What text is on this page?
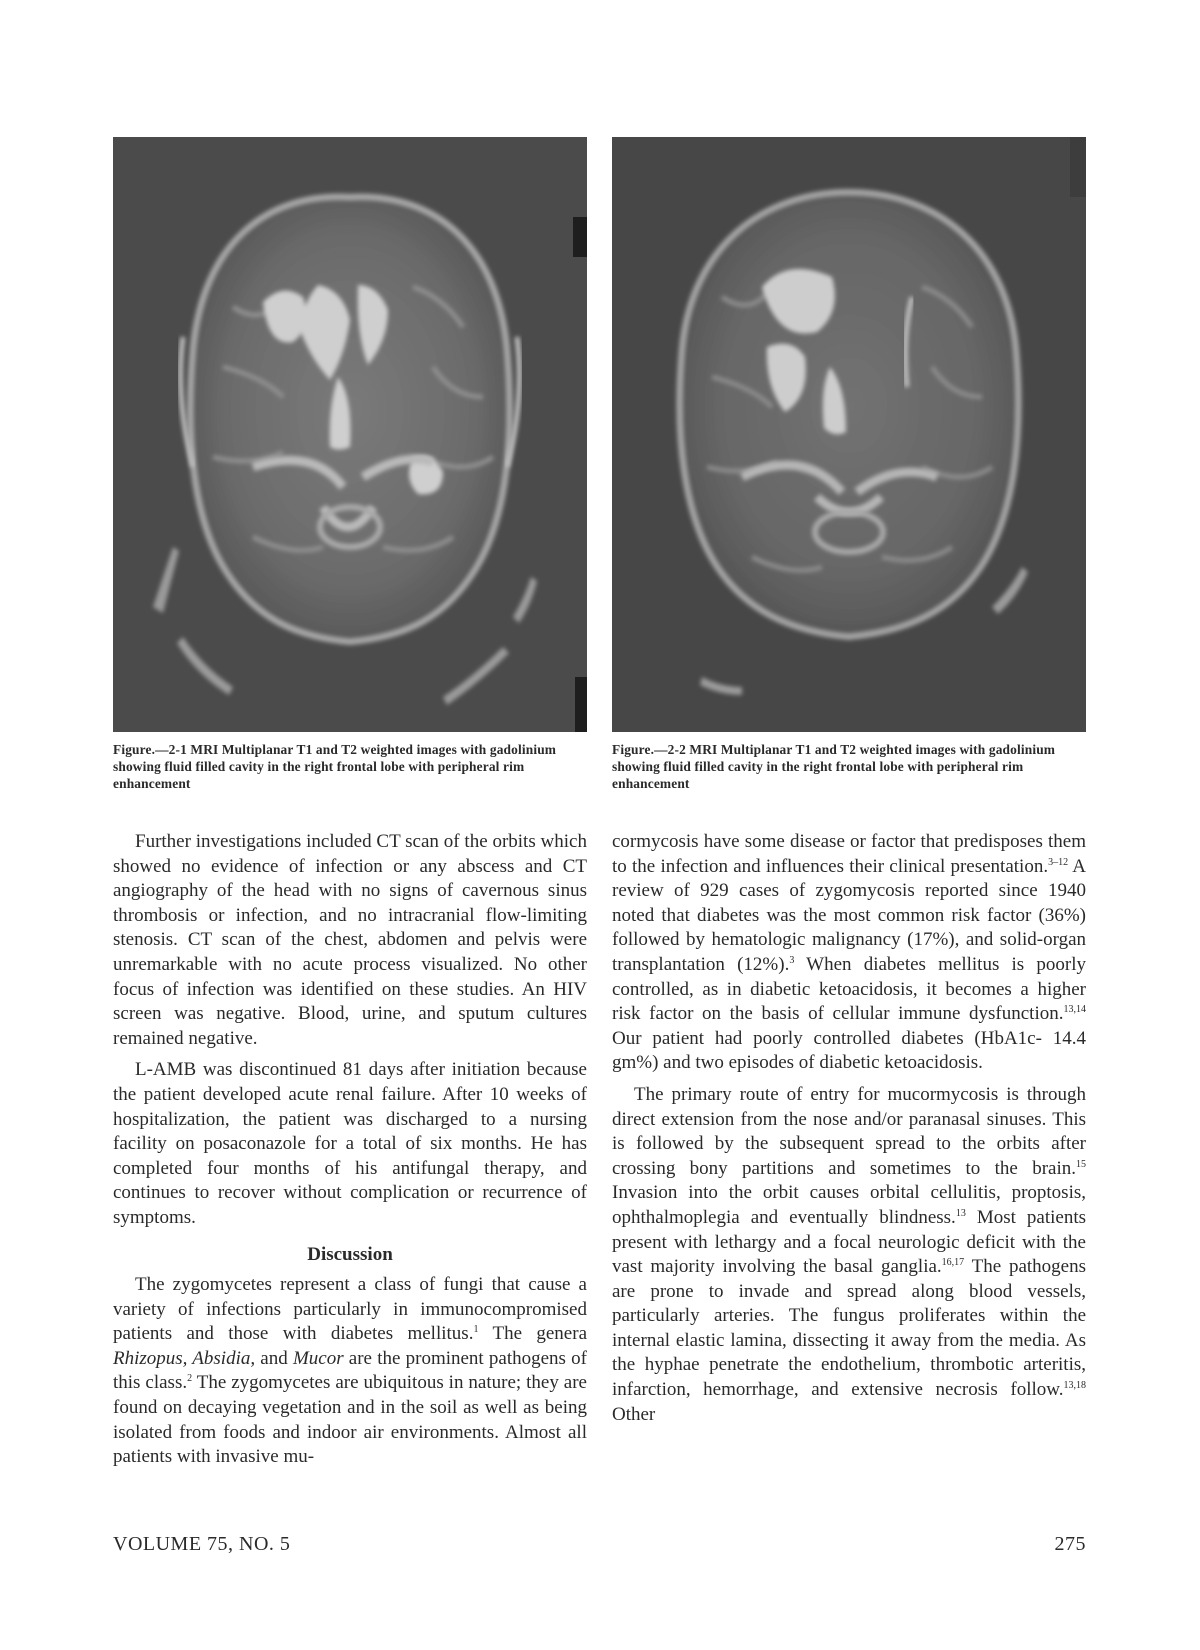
Figure.—2-1 MRI Multiplanar T1 and T2 weighted images with gadolinium showing fluid filled cavity in the right frontal lobe with peripheral rim enhancement
Figure.—2-2 MRI Multiplanar T1 and T2 weighted images with gadolinium showing fluid filled cavity in the right frontal lobe with peripheral rim enhancement

Further investigations included CT scan of the orbits which showed no evidence of infection or any abscess and CT angiography of the head with no signs of cavernous sinus thrombosis or infection, and no intracranial flow-limiting stenosis. CT scan of the chest, abdomen and pelvis were unremarkable with no acute process visualized. No other focus of infection was identified on these studies. An HIV screen was negative. Blood, urine, and sputum cultures remained negative.

L-AMB was discontinued 81 days after initiation because the patient developed acute renal failure. After 10 weeks of hospitalization, the patient was discharged to a nursing facility on posaconazole for a total of six months. He has completed four months of his antifungal therapy, and continues to recover without complication or recurrence of symptoms.

Discussion

The zygomycetes represent a class of fungi that cause a variety of infections particularly in immunocompromised patients and those with diabetes mellitus.$^1$ The genera Rhizopus, Absidia, and Mucor are the prominent pathogens of this class.$^2$ The zygomycetes are ubiquitous in nature; they are found on decaying vegetation and in the soil as well as being isolated from foods and indoor air environments. Almost all patients with invasive mu-

cormycosis have some disease or factor that predisposes them to the infection and influences their clinical presentation.$^{3-12}$ A review of 929 cases of zygomycosis reported since 1940 noted that diabetes was the most common risk factor (36%) followed by hematologic malignancy (17%), and solid-organ transplantation (12%).$^3$ When diabetes mellitus is poorly controlled, as in diabetic ketoacidosis, it becomes a higher risk factor on the basis of cellular immune dysfunction.$^{13,14}$ Our patient had poorly controlled diabetes (HbA1c- 14.4 gm%) and two episodes of diabetic ketoacidosis.

The primary route of entry for mucormycosis is through direct extension from the nose and/or paranasal sinuses. This is followed by the subsequent spread to the orbits after crossing bony partitions and sometimes to the brain.$^{15}$ Invasion into the orbit causes orbital cellulitis, proptosis, ophthalmoplegia and eventually blindness.$^{13}$ Most patients present with lethargy and a focal neurologic deficit with the vast majority involving the basal ganglia.$^{16,17}$ The pathogens are prone to invade and spread along blood vessels, particularly arteries. The fungus proliferates within the internal elastic lamina, dissecting it away from the media. As the hyphae penetrate the endothelium, thrombotic arteritis, infarction, hemorrhage, and extensive necrosis follow.$^{13,18}$ Other

VOLUME 75, NO. 5	275
